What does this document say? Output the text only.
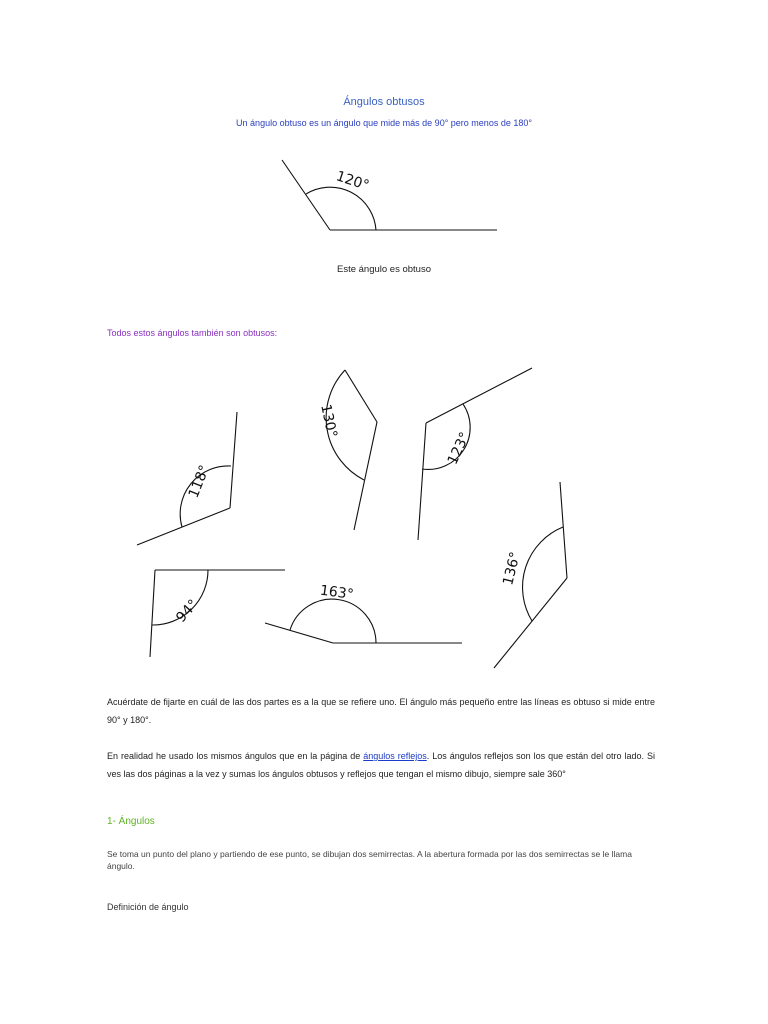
Ángulos obtusos
Un ángulo obtuso es un ángulo que mide más de 90° pero menos de 180°
120°
Este ángulo es obtuso
Todos estos ángulos también son obtusos:
118°
130°
123°
136°
94°
163°
Acuérdate de fijarte en cuál de las dos partes es a la que se refiere uno. El ángulo más pequeño entre las líneas es obtuso si mide entre 90° y 180°.
En realidad he usado los mismos ángulos que en la página de ángulos reflejos. Los ángulos reflejos son los que están del otro lado. Si ves las dos páginas a la vez y sumas los ángulos obtusos y reflejos que tengan el mismo dibujo, siempre sale 360°
1- Ángulos
Se toma un punto del plano y partiendo de ese punto, se dibujan dos semirrectas. A la abertura formada por las dos semirrectas se le llama ángulo.
Definición de ángulo
